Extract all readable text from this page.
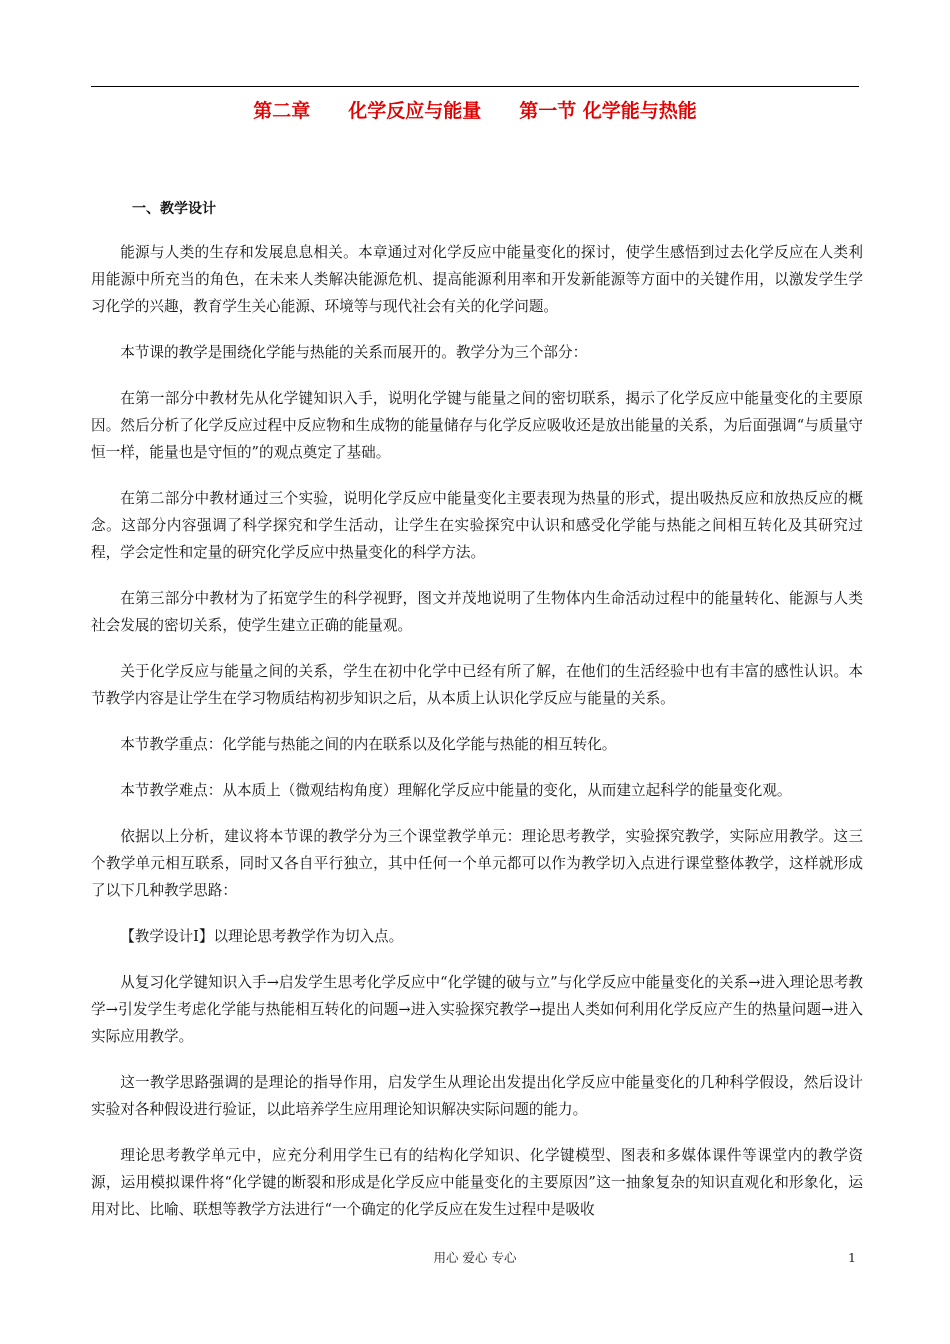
第二章　　化学反应与能量　　第一节 化学能与热能
一、教学设计

能源与人类的生存和发展息息相关。本章通过对化学反应中能量变化的探讨，使学生感悟到过去化学反应在人类利用能源中所充当的角色，在未来人类解决能源危机、提高能源利用率和开发新能源等方面中的关键作用，以激发学生学习化学的兴趣，教育学生关心能源、环境等与现代社会有关的化学问题。

本节课的教学是围绕化学能与热能的关系而展开的。教学分为三个部分：

在第一部分中教材先从化学键知识入手，说明化学键与能量之间的密切联系，揭示了化学反应中能量变化的主要原因。然后分析了化学反应过程中反应物和生成物的能量储存与化学反应吸收还是放出能量的关系，为后面强调“与质量守恒一样，能量也是守恒的”的观点奠定了基础。

在第二部分中教材通过三个实验，说明化学反应中能量变化主要表现为热量的形式，提出吸热反应和放热反应的概念。这部分内容强调了科学探究和学生活动，让学生在实验探究中认识和感受化学能与热能之间相互转化及其研究过程，学会定性和定量的研究化学反应中热量变化的科学方法。

在第三部分中教材为了拓宽学生的科学视野，图文并茂地说明了生物体内生命活动过程中的能量转化、能源与人类社会发展的密切关系，使学生建立正确的能量观。

关于化学反应与能量之间的关系，学生在初中化学中已经有所了解，在他们的生活经验中也有丰富的感性认识。本节教学内容是让学生在学习物质结构初步知识之后，从本质上认识化学反应与能量的关系。

本节教学重点：化学能与热能之间的内在联系以及化学能与热能的相互转化。

本节教学难点：从本质上（微观结构角度）理解化学反应中能量的变化，从而建立起科学的能量变化观。

依据以上分析，建议将本节课的教学分为三个课堂教学单元：理论思考教学，实验探究教学，实际应用教学。这三个教学单元相互联系，同时又各自平行独立，其中任何一个单元都可以作为教学切入点进行课堂整体教学，这样就形成了以下几种教学思路：

【教学设计Ⅰ】以理论思考教学作为切入点。

从复习化学键知识入手→启发学生思考化学反应中“化学键的破与立”与化学反应中能量变化的关系→进入理论思考教学→引发学生考虑化学能与热能相互转化的问题→进入实验探究教学→提出人类如何利用化学反应产生的热量问题→进入实际应用教学。

这一教学思路强调的是理论的指导作用，启发学生从理论出发提出化学反应中能量变化的几种科学假设，然后设计实验对各种假设进行验证，以此培养学生应用理论知识解决实际问题的能力。

理论思考教学单元中，应充分利用学生已有的结构化学知识、化学键模型、图表和多媒体课件等课堂内的教学资源，运用模拟课件将“化学键的断裂和形成是化学反应中能量变化的主要原因”这一抽象复杂的知识直观化和形象化，运用对比、比喻、联想等教学方法进行“一个确定的化学反应在发生过程中是吸收

用心 爱心 专心	1
